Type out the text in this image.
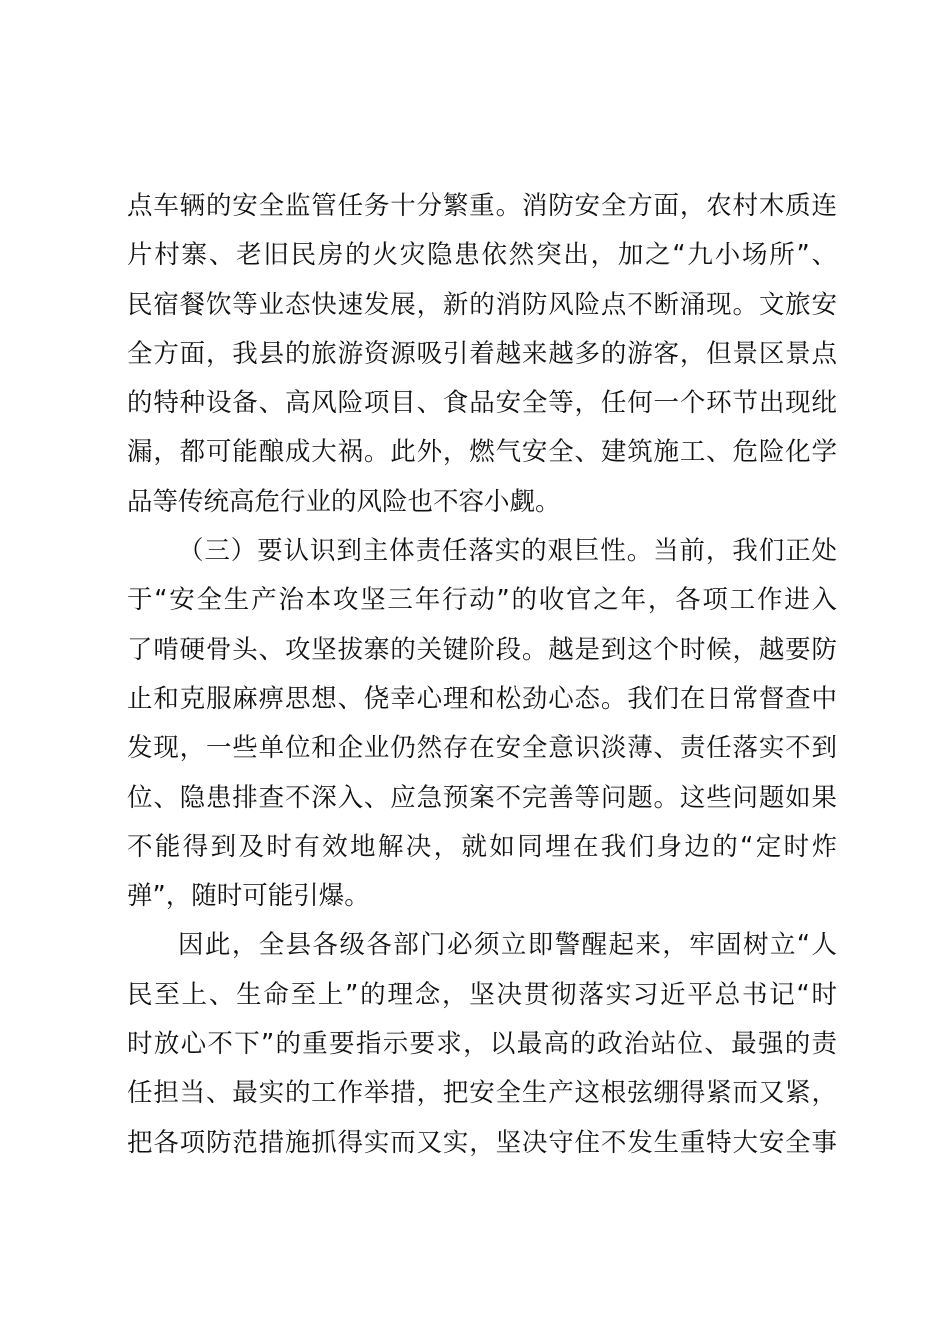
点车辆的安全监管任务十分繁重。消防安全方面，农村木质连
片村寨、老旧民房的火灾隐患依然突出，加之“九小场所”、
民宿餐饮等业态快速发展，新的消防风险点不断涌现。文旅安
全方面，我县的旅游资源吸引着越来越多的游客，但景区景点
的特种设备、高风险项目、食品安全等，任何一个环节出现纰
漏，都可能酿成大祸。此外，燃气安全、建筑施工、危险化学
品等传统高危行业的风险也不容小觑。
（三）要认识到主体责任落实的艰巨性。当前，我们正处
于“安全生产治本攻坚三年行动”的收官之年，各项工作进入
了啃硬骨头、攻坚拔寨的关键阶段。越是到这个时候，越要防
止和克服麻痹思想、侥幸心理和松劲心态。我们在日常督查中
发现，一些单位和企业仍然存在安全意识淡薄、责任落实不到
位、隐患排查不深入、应急预案不完善等问题。这些问题如果
不能得到及时有效地解决，就如同埋在我们身边的“定时炸
弹”，随时可能引爆。
因此，全县各级各部门必须立即警醒起来，牢固树立“人
民至上、生命至上”的理念，坚决贯彻落实习近平总书记“时
时放心不下”的重要指示要求，以最高的政治站位、最强的责
任担当、最实的工作举措，把安全生产这根弦绷得紧而又紧，
把各项防范措施抓得实而又实，坚决守住不发生重特大安全事
